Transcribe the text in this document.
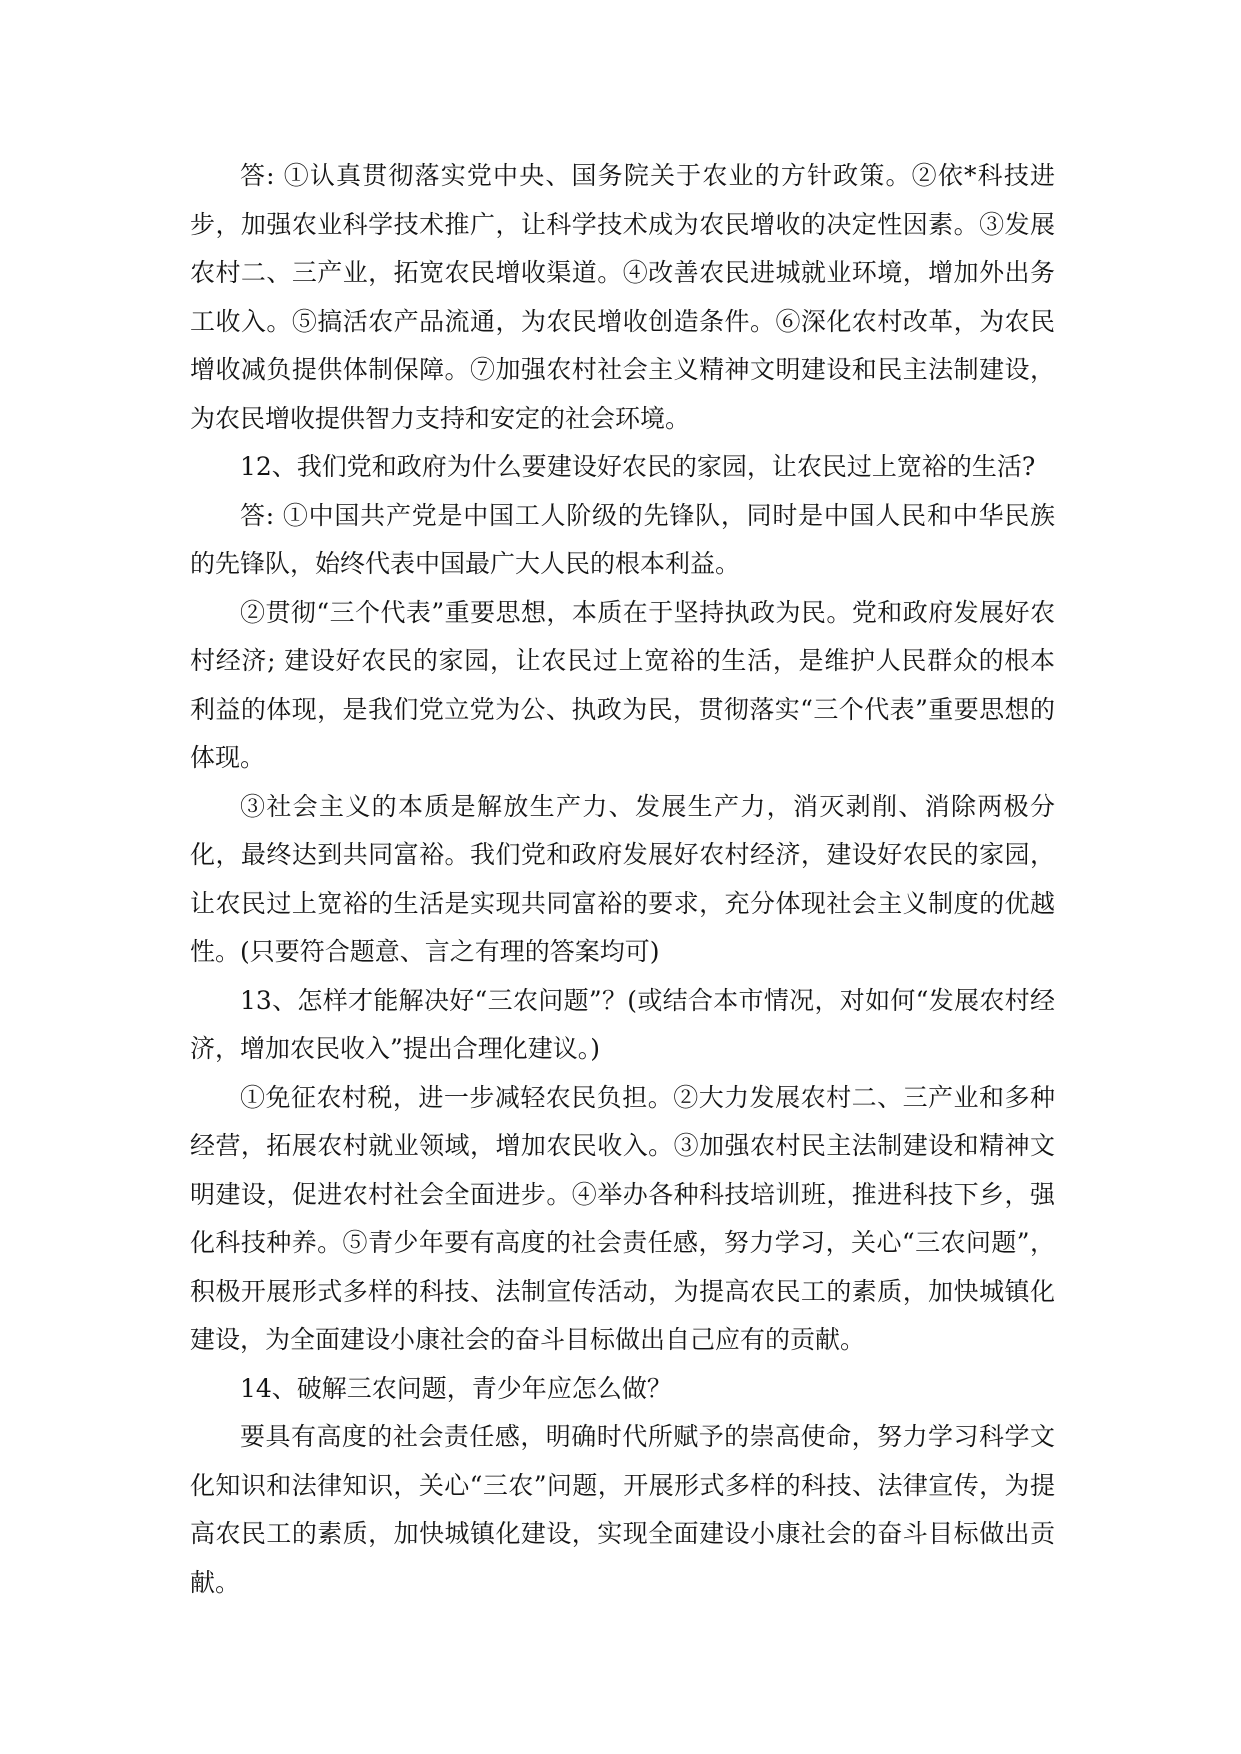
答: ①认真贯彻落实党中央、国务院关于农业的方针政策。②依*科技进步，加强农业科学技术推广，让科学技术成为农民增收的决定性因素。③发展农村二、三产业，拓宽农民增收渠道。④改善农民进城就业环境，增加外出务工收入。⑤搞活农产品流通，为农民增收创造条件。⑥深化农村改革，为农民增收减负提供体制保障。⑦加强农村社会主义精神文明建设和民主法制建设，为农民增收提供智力支持和安定的社会环境。

12、我们党和政府为什么要建设好农民的家园，让农民过上宽裕的生活?

答: ①中国共产党是中国工人阶级的先锋队，同时是中国人民和中华民族的先锋队，始终代表中国最广大人民的根本利益。

②贯彻“三个代表”重要思想，本质在于坚持执政为民。党和政府发展好农村经济; 建设好农民的家园，让农民过上宽裕的生活，是维护人民群众的根本利益的体现，是我们党立党为公、执政为民，贯彻落实“三个代表”重要思想的体现。

③社会主义的本质是解放生产力、发展生产力，消灭剥削、消除两极分化，最终达到共同富裕。我们党和政府发展好农村经济，建设好农民的家园，让农民过上宽裕的生活是实现共同富裕的要求，充分体现社会主义制度的优越性。(只要符合题意、言之有理的答案均可)

13、怎样才能解决好“三农问题”？(或结合本市情况，对如何“发展农村经济，增加农民收入”提出合理化建议。)

①免征农村税，进一步减轻农民负担。②大力发展农村二、三产业和多种经营，拓展农村就业领域，增加农民收入。③加强农村民主法制建设和精神文明建设，促进农村社会全面进步。④举办各种科技培训班，推进科技下乡，强化科技种养。⑤青少年要有高度的社会责任感，努力学习，关心“三农问题”，积极开展形式多样的科技、法制宣传活动，为提高农民工的素质，加快城镇化建设，为全面建设小康社会的奋斗目标做出自己应有的贡献。

14、破解三农问题，青少年应怎么做？

要具有高度的社会责任感，明确时代所赋予的崇高使命，努力学习科学文化知识和法律知识，关心“三农”问题，开展形式多样的科技、法律宣传，为提高农民工的素质，加快城镇化建设，实现全面建设小康社会的奋斗目标做出贡献。
